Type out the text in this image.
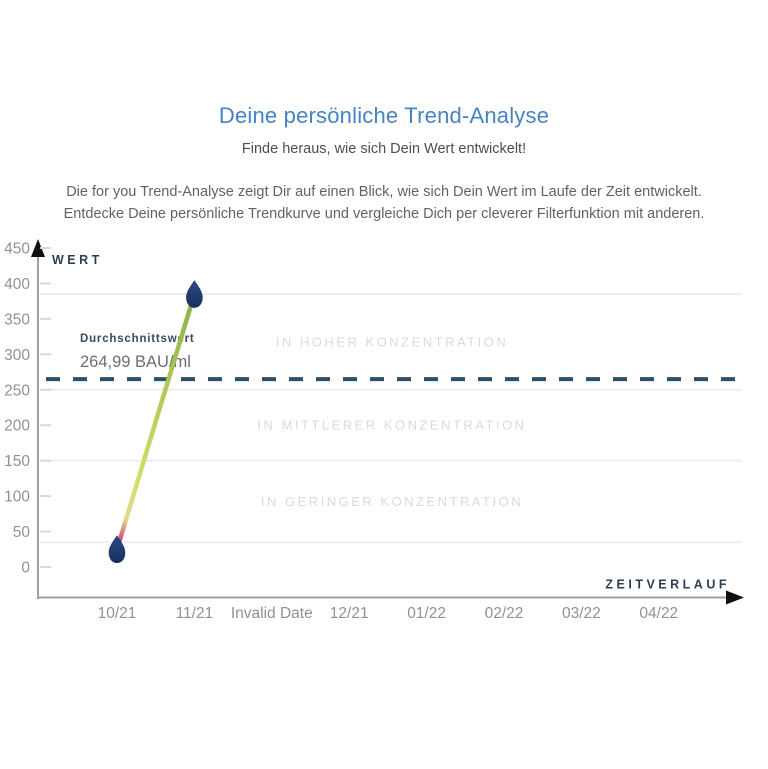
Deine persönliche Trend-Analyse

Finde heraus, wie sich Dein Wert entwickelt!

Die for you Trend-Analyse zeigt Dir auf einen Blick, wie sich Dein Wert im Laufe der Zeit entwickelt.
Entdecke Deine persönliche Trendkurve und vergleiche Dich per cleverer Filterfunktion mit anderen.

IN HOHER KONZENTRATION
IN MITTLERER KONZENTRATION
IN GERINGER KONZENTRATION
Durchschnittswert
264,99 BAU/ml
450
400
350
300
250
200
150
100
50
0
10/21	11/21 Invalid Date 12/21 01/22 02/22 03/22 04/22
WERT
ZEITVERLAUF
